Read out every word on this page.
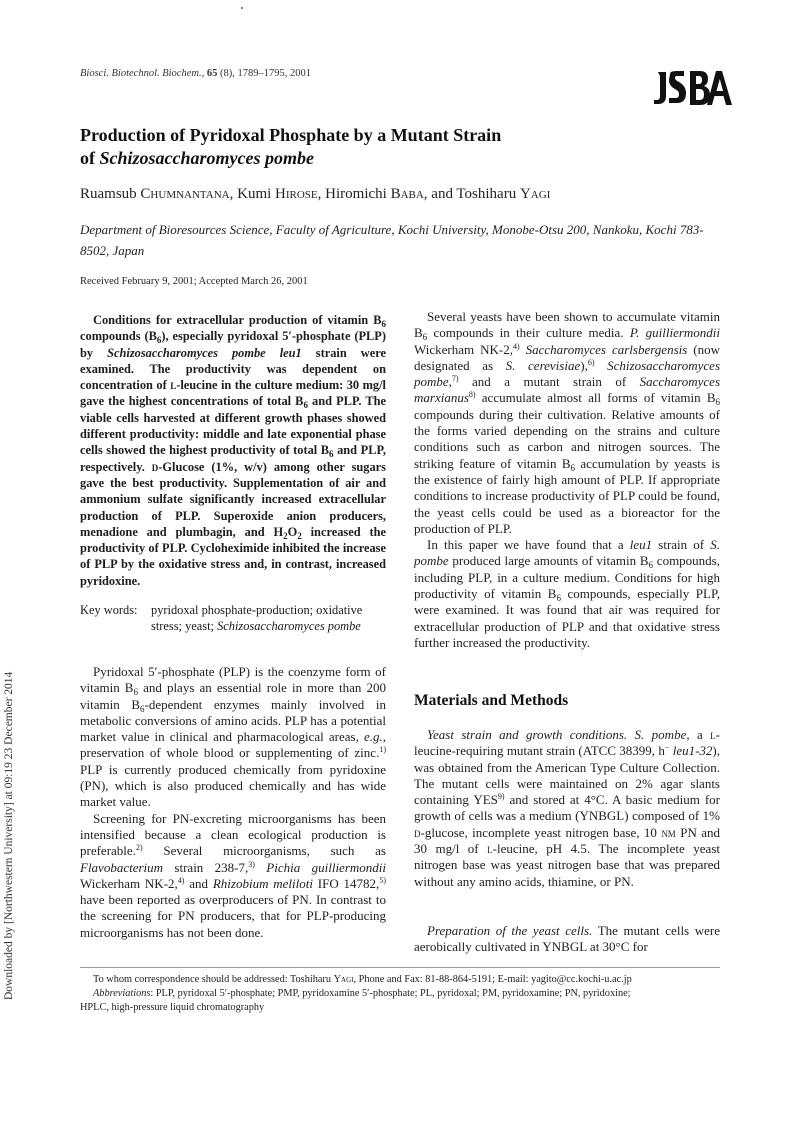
Downloaded by [Northwestern University] at 09:19 23 December 2014
Biosci. Biotechnol. Biochem., 65 (8), 1789–1795, 2001	JSBA
Production of Pyridoxal Phosphate by a Mutant Strain
of Schizosaccharomyces pombe
Ruamsub Chumnantana, Kumi Hirose, Hiromichi Baba, and Toshiharu Yagi
Department of Bioresources Science, Faculty of Agriculture, Kochi University, Monobe-Otsu 200, Nankoku, Kochi 783-8502, Japan
Received February 9, 2001; Accepted March 26, 2001

Conditions for extracellular production of vitamin $B_6$ compounds $(B_6)$, especially pyridoxal 5′-phosphate (PLP) by Schizosaccharomyces pombe leu1 strain were examined. The productivity was dependent on concentration of l-leucine in the culture medium: 30 mg/l gave the highest concentrations of total $B_6$ and PLP. The viable cells harvested at different growth phases showed different productivity: middle and late exponential phase cells showed the highest productivity of total $B_6$ and PLP, respectively. d-Glucose (1%, w/v) among other sugars gave the best productivity. Supplementation of air and ammonium sulfate significantly increased extracellular production of PLP. Superoxide anion producers, menadione and plumbagin, and $H_2O_2$ increased the productivity of PLP. Cycloheximide inhibited the increase of PLP by the oxidative stress and, in contrast, increased pyridoxine.

Key words:	pyridoxal phosphate-production; oxidative stress; yeast; Schizosaccharomyces pombe

Pyridoxal 5′-phosphate (PLP) is the coenzyme form of vitamin $B_6$ and plays an essential role in more than 200 vitamin $B_6$-dependent enzymes mainly involved in metabolic conversions of amino acids. PLP has a potential market value in clinical and pharmacological areas, e.g., preservation of whole blood or supplementing of zinc.$^{1)}$ PLP is currently produced chemically from pyridoxine (PN), which is also produced chemically and has wide market value.

Screening for PN-excreting microorganisms has been intensified because a clean ecological production is preferable.$^{2)}$ Several microorganisms, such as Flavobacterium strain 238-7,$^{3)}$ Pichia guilliermondii Wickerham NK-2,$^{4)}$ and Rhizobium meliloti IFO 14782,$^{5)}$ have been reported as overproducers of PN. In contrast to the screening for PN producers, that for PLP-producing microorganisms has not been done.

Several yeasts have been shown to accumulate vitamin $B_6$ compounds in their culture media. P. guilliermondii Wickerham NK-2,$^{4)}$ Saccharomyces carlsbergensis (now designated as S. cerevisiae),$^{6)}$ Schizosaccharomyces pombe,$^{7)}$ and a mutant strain of Saccharomyces marxianus$^{8)}$ accumulate almost all forms of vitamin $B_6$ compounds during their cultivation. Relative amounts of the forms varied depending on the strains and culture conditions such as carbon and nitrogen sources. The striking feature of vitamin $B_6$ accumulation by yeasts is the existence of fairly high amount of PLP. If appropriate conditions to increase productivity of PLP could be found, the yeast cells could be used as a bioreactor for the production of PLP.

In this paper we have found that a leu1 strain of S. pombe produced large amounts of vitamin $B_6$ compounds, including PLP, in a culture medium. Conditions for high productivity of vitamin $B_6$ compounds, especially PLP, were examined. It was found that air was required for extracellular production of PLP and that oxidative stress further increased the productivity.

Materials and Methods

Yeast strain and growth conditions. S. pombe, a l-leucine-requiring mutant strain (ATCC 38399, h− leu1-32), was obtained from the American Type Culture Collection. The mutant cells were maintained on 2% agar slants containing YES$^{9)}$ and stored at 4°C. A basic medium for growth of cells was a medium (YNBGL) composed of 1% d-glucose, incomplete yeast nitrogen base, 10 nm PN and 30 mg/l of l-leucine, pH 4.5. The incomplete yeast nitrogen base was yeast nitrogen base that was prepared without any amino acids, thiamine, or PN.

Preparation of the yeast cells. The mutant cells were aerobically cultivated in YNBGL at 30°C for

To whom correspondence should be addressed: Toshiharu Yagi, Phone and Fax: 81-88-864-5191; E-mail: yagito@cc.kochi-u.ac.jp
Abbreviations: PLP, pyridoxal 5′-phosphate; PMP, pyridoxamine 5′-phosphate; PL, pyridoxal; PM, pyridoxamine; PN, pyridoxine;
HPLC, high-pressure liquid chromatography
